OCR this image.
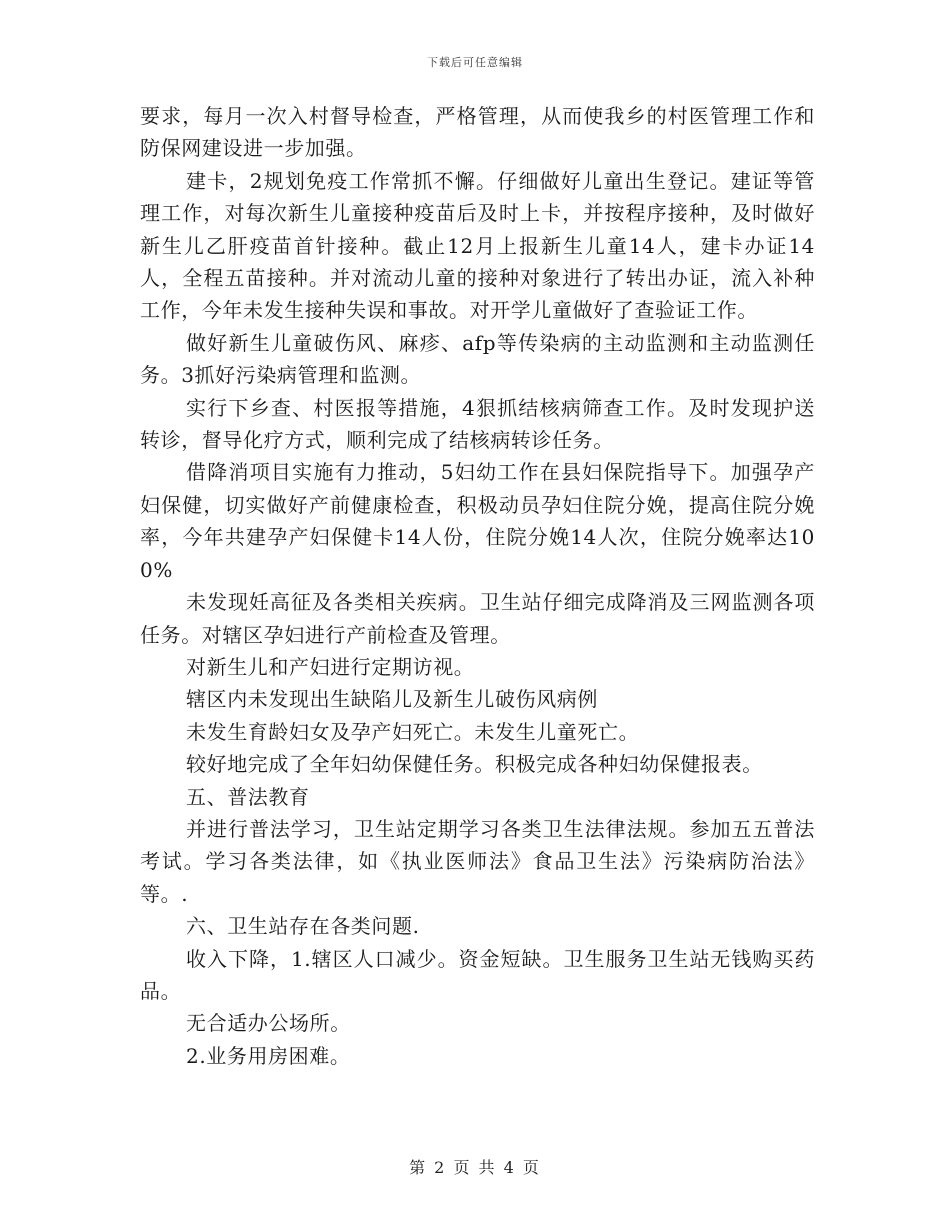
下载后可任意编辑

要求，每月一次入村督导检查，严格管理，从而使我乡的村医管理工作和防保网建设进一步加强。

建卡，2规划免疫工作常抓不懈。仔细做好儿童出生登记。建证等管理工作，对每次新生儿童接种疫苗后及时上卡，并按程序接种，及时做好新生儿乙肝疫苗首针接种。截止12月上报新生儿童14人，建卡办证14人，全程五苗接种。并对流动儿童的接种对象进行了转出办证，流入补种工作，今年未发生接种失误和事故。对开学儿童做好了查验证工作。

做好新生儿童破伤风、麻疹、afp等传染病的主动监测和主动监测任务。3抓好污染病管理和监测。

实行下乡查、村医报等措施，4狠抓结核病筛查工作。及时发现护送转诊，督导化疗方式，顺利完成了结核病转诊任务。

借降消项目实施有力推动，5妇幼工作在县妇保院指导下。加强孕产妇保健，切实做好产前健康检查，积极动员孕妇住院分娩，提高住院分娩率，今年共建孕产妇保健卡14人份，住院分娩14人次，住院分娩率达100%

未发现妊高征及各类相关疾病。卫生站仔细完成降消及三网监测各项任务。对辖区孕妇进行产前检查及管理。

对新生儿和产妇进行定期访视。

辖区内未发现出生缺陷儿及新生儿破伤风病例

未发生育龄妇女及孕产妇死亡。未发生儿童死亡。

较好地完成了全年妇幼保健任务。积极完成各种妇幼保健报表。

五、普法教育

并进行普法学习，卫生站定期学习各类卫生法律法规。参加五五普法考试。学习各类法律，如《执业医师法》食品卫生法》污染病防治法》等。.

六、卫生站存在各类问题.

收入下降，1.辖区人口减少。资金短缺。卫生服务卫生站无钱购买药品。

无合适办公场所。

2.业务用房困难。

第 2 页 共 4 页
